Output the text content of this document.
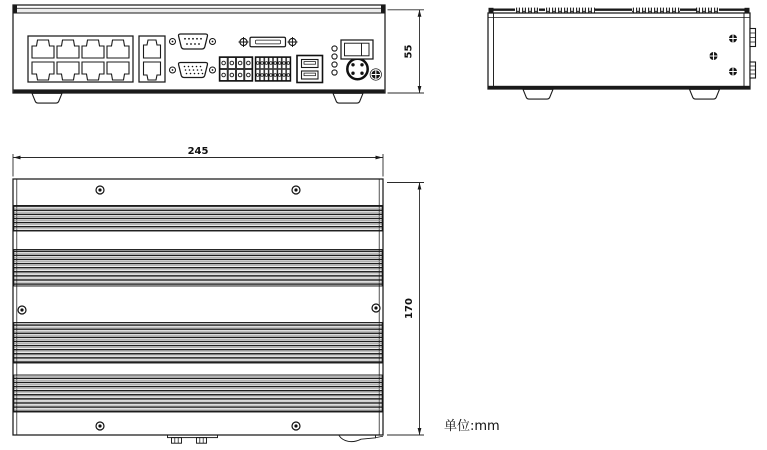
55
245
170
单位:mm
